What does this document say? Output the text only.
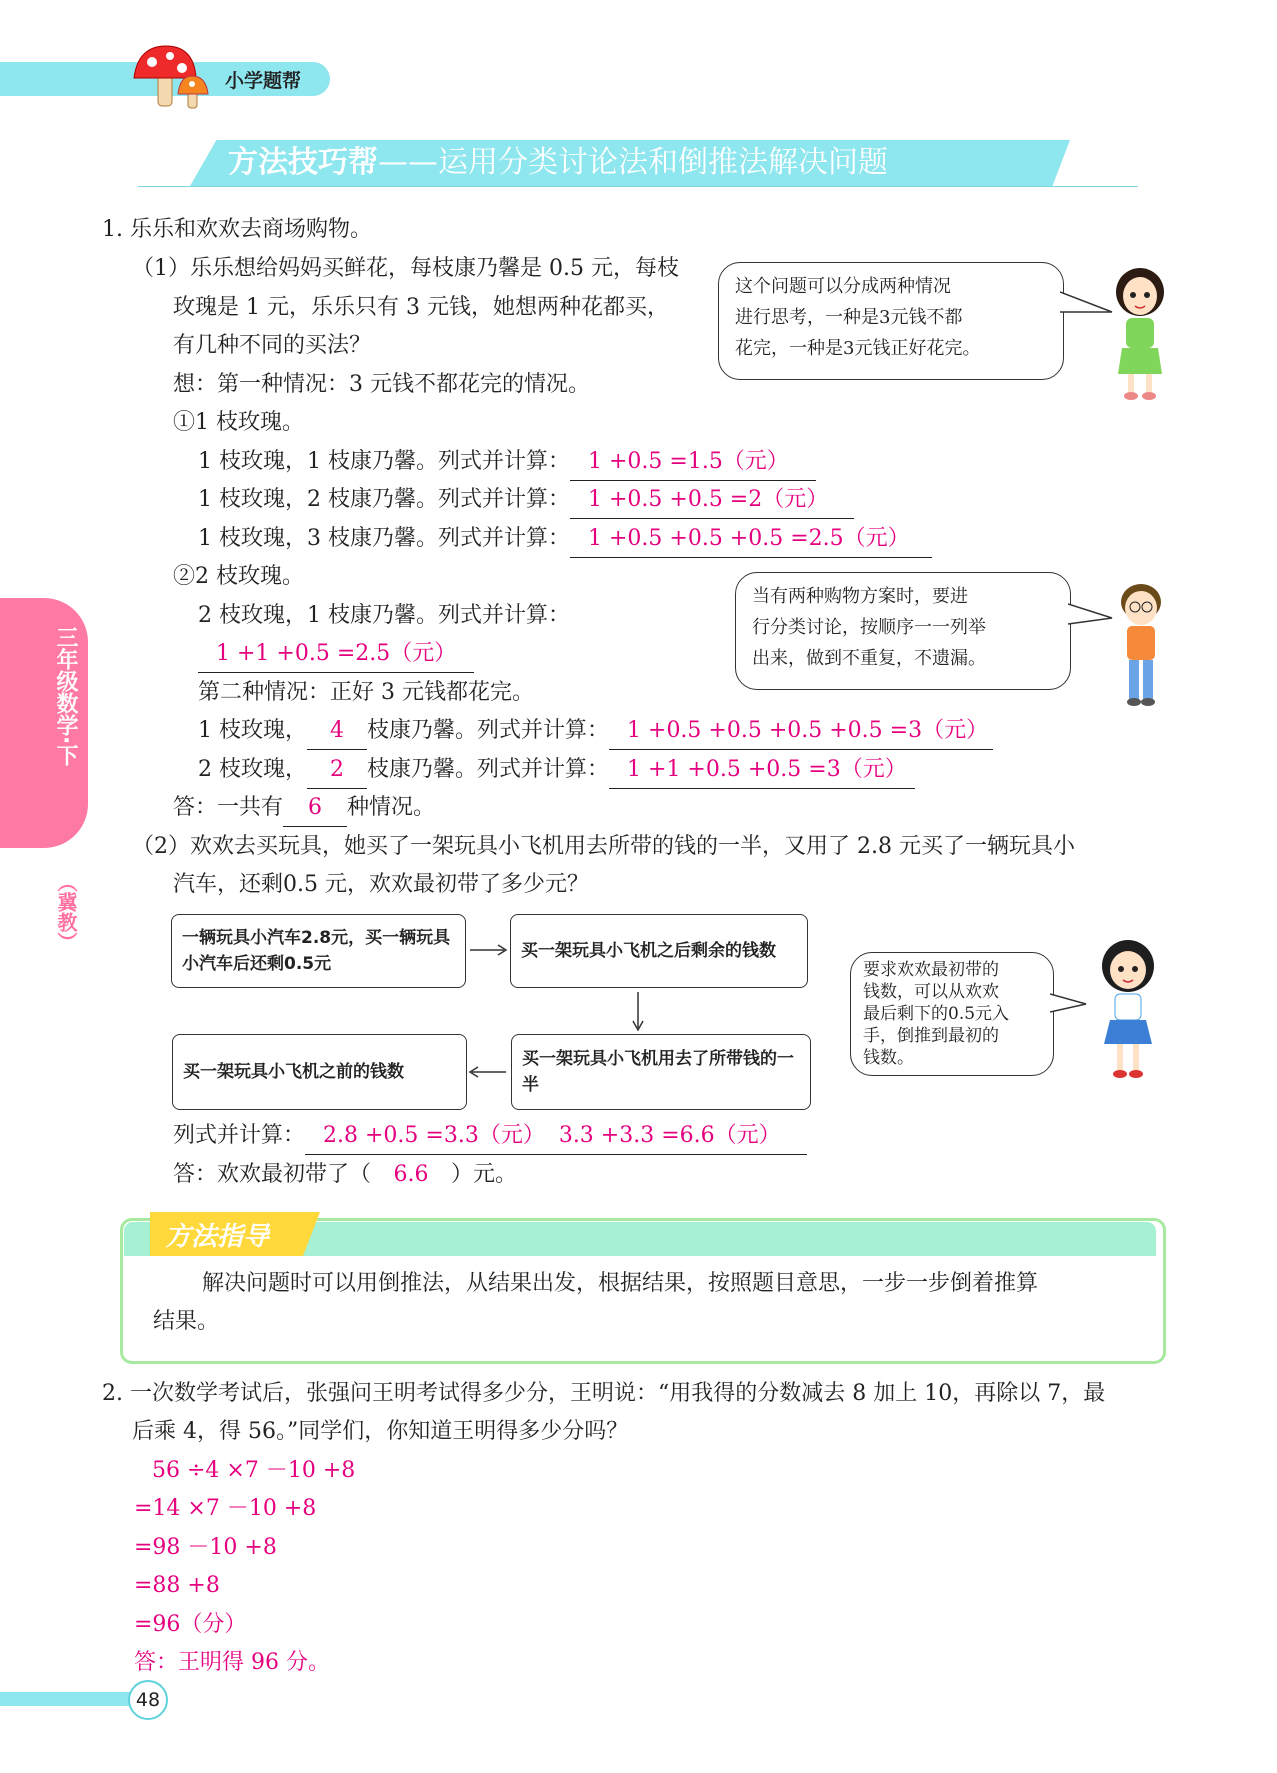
小学题帮
方法技巧帮——运用分类讨论法和倒推法解决问题
三年级数学·下
（冀教）
1. 乐乐和欢欢去商场购物。
（1）乐乐想给妈妈买鲜花，每枝康乃馨是 0.5 元，每枝
玫瑰是 1 元，乐乐只有 3 元钱，她想两种花都买，
有几种不同的买法？
想：第一种情况：3 元钱不都花完的情况。
①1 枝玫瑰。
1 枝玫瑰，1 枝康乃馨。列式并计算： 1 +0.5 =1.5（元）
1 枝玫瑰，2 枝康乃馨。列式并计算： 1 +0.5 +0.5 =2（元）
1 枝玫瑰，3 枝康乃馨。列式并计算： 1 +0.5 +0.5 +0.5 =2.5（元）
②2 枝玫瑰。
2 枝玫瑰，1 枝康乃馨。列式并计算：
1 +1 +0.5 =2.5（元）
第二种情况：正好 3 元钱都花完。
1 枝玫瑰， 4 枝康乃馨。列式并计算： 1 +0.5 +0.5 +0.5 +0.5 =3（元）
2 枝玫瑰， 2 枝康乃馨。列式并计算： 1 +1 +0.5 +0.5 =3（元）
答：一共有 6 种情况。
这个问题可以分成两种情况
进行思考，一种是3元钱不都
花完，一种是3元钱正好花完。
当有两种购物方案时，要进
行分类讨论，按顺序一一列举
出来，做到不重复，不遗漏。
（2）欢欢去买玩具，她买了一架玩具小飞机用去所带的钱的一半，又用了 2.8 元买了一辆玩具小
汽车，还剩0.5 元，欢欢最初带了多少元？
一辆玩具小汽车2.8元，买一辆玩具小汽车后还剩0.5元
买一架玩具小飞机之后剩余的钱数
买一架玩具小飞机用去了所带钱的一半
买一架玩具小飞机之前的钱数
要求欢欢最初带的
钱数，可以从欢欢
最后剩下的0.5元入
手，倒推到最初的
钱数。
列式并计算： 2.8 +0.5 =3.3（元）  3.3 +3.3 =6.6（元）
答：欢欢最初带了（ 6.6 ）元。
方法指导
解决问题时可以用倒推法，从结果出发，根据结果，按照题目意思，一步一步倒着推算
结果。
2. 一次数学考试后，张强问王明考试得多少分，王明说：“用我得的分数减去 8 加上 10，再除以 7，最
后乘 4，得 56。”同学们，你知道王明得多少分吗？
56 ÷4 ×7 －10 +8
=14 ×7 －10 +8
=98 －10 +8
=88 +8
=96（分）
答：王明得 96 分。
48
